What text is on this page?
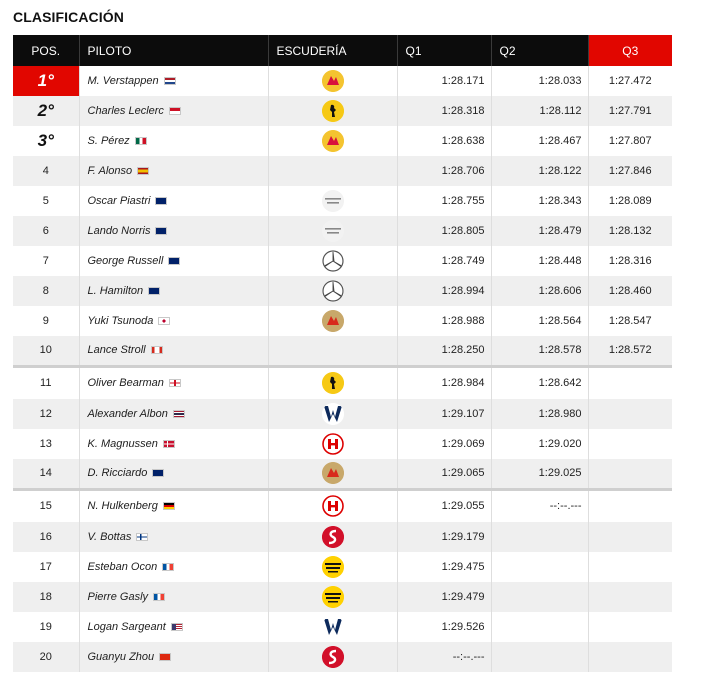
CLASIFICACIÓN
POS.	PILOTO	ESCUDERÍA	Q1	Q2	Q3
1°	M. Verstappen		1:28.171	1:28.033	1:27.472
2°	Charles Leclerc		1:28.318	1:28.112	1:27.791
3°	S. Pérez		1:28.638	1:28.467	1:27.807
4	F. Alonso		1:28.706	1:28.122	1:27.846
5	Oscar Piastri		1:28.755	1:28.343	1:28.089
6	Lando Norris		1:28.805	1:28.479	1:28.132
7	George Russell		1:28.749	1:28.448	1:28.316
8	L. Hamilton		1:28.994	1:28.606	1:28.460
9	Yuki Tsunoda		1:28.988	1:28.564	1:28.547
10	Lance Stroll		1:28.250	1:28.578	1:28.572
11	Oliver Bearman		1:28.984	1:28.642	
12	Alexander Albon		1:29.107	1:28.980	
13	K. Magnussen		1:29.069	1:29.020	
14	D. Ricciardo		1:29.065	1:29.025	
15	N. Hulkenberg		1:29.055	--:--.---	
16	V. Bottas		1:29.179		
17	Esteban Ocon		1:29.475		
18	Pierre Gasly		1:29.479		
19	Logan Sargeant		1:29.526		
20	Guanyu Zhou		--:--.---		
